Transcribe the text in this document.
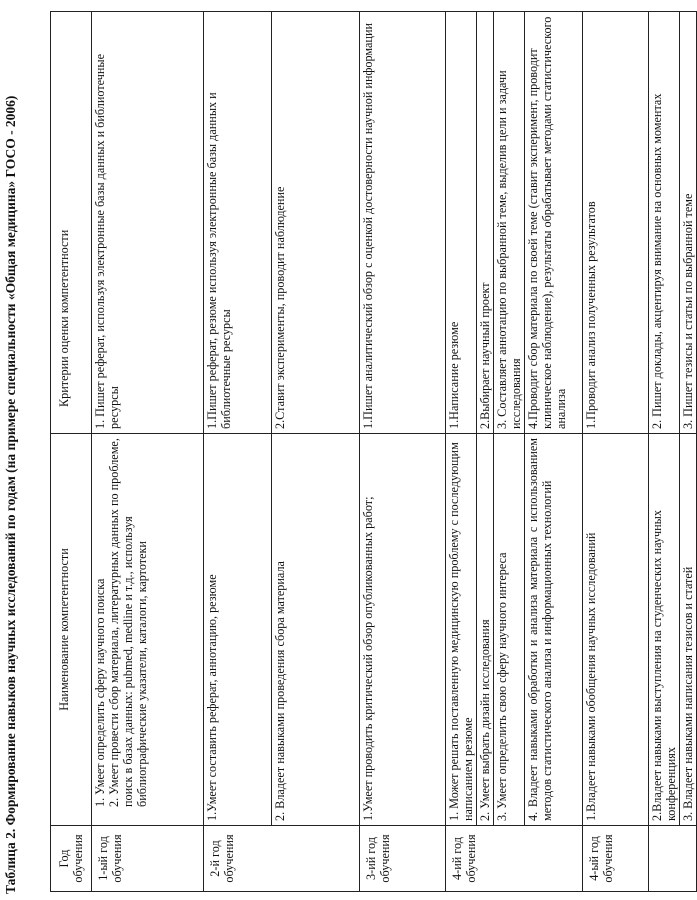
Таблица 2. Формирование навыков научных исследований по годам (на примере специальности «Общая медицина» ГОСО - 2006)	Год обучения	Наименование компетентности	Критерии оценки компетентности
1-ый год обучения	1. Умеет определить сферу научного поиска 2. Умеет провести сбор материала, литературных данных по проблеме, поиск в базах данных: pubmed, medline и т.д., используя библиографические указатели, каталоги, картотеки	1. Пишет реферат, используя электронные базы данных и библиотечные ресурсы
2-й год обучения	1.Умеет составить реферат, аннотацию, резюме	1.Пишет реферат, резюме используя электронные базы данных и библиотечные ресурсы
	2. Владеет навыками проведения сбора материала	2.Ставит эксперименты, проводит наблюдение
3-ий год обучения	1.Умеет проводить критический обзор опубликованных работ;	1.Пишет аналитический обзор с оценкой достоверности научной информации
4-ий год обучения	1. Может решать поставленную медицинскую проблему с последующим написанием резюме	1.Написание резюме
	2. Умеет выбрать дизайн исследования	2.Выбирает научный проект
	3. Умеет определить свою сферу научного интереса	3. Составляет аннотацию по выбранной теме, выделив цели и задачи исследования
	4. Владеет навыками обработки и анализа материала с использованием методов статистического анализа и информационных технологий	4.Проводит сбор материала по своей теме (ставит эксперимент, проводит клиническое наблюдение), результаты обрабатывает методами статистического анализа
4-ый год обучения	1.Владеет навыками обобщения научных исследований	1.Проводит анализ полученных результатов
	2.Владеет навыками выступления на студенческих научных конференциях	2. Пишет доклады, акцентируя внимание на основных моментах
	3. Владеет навыками написания тезисов и статей	3. Пишет тезисы и статьи по выбранной теме
